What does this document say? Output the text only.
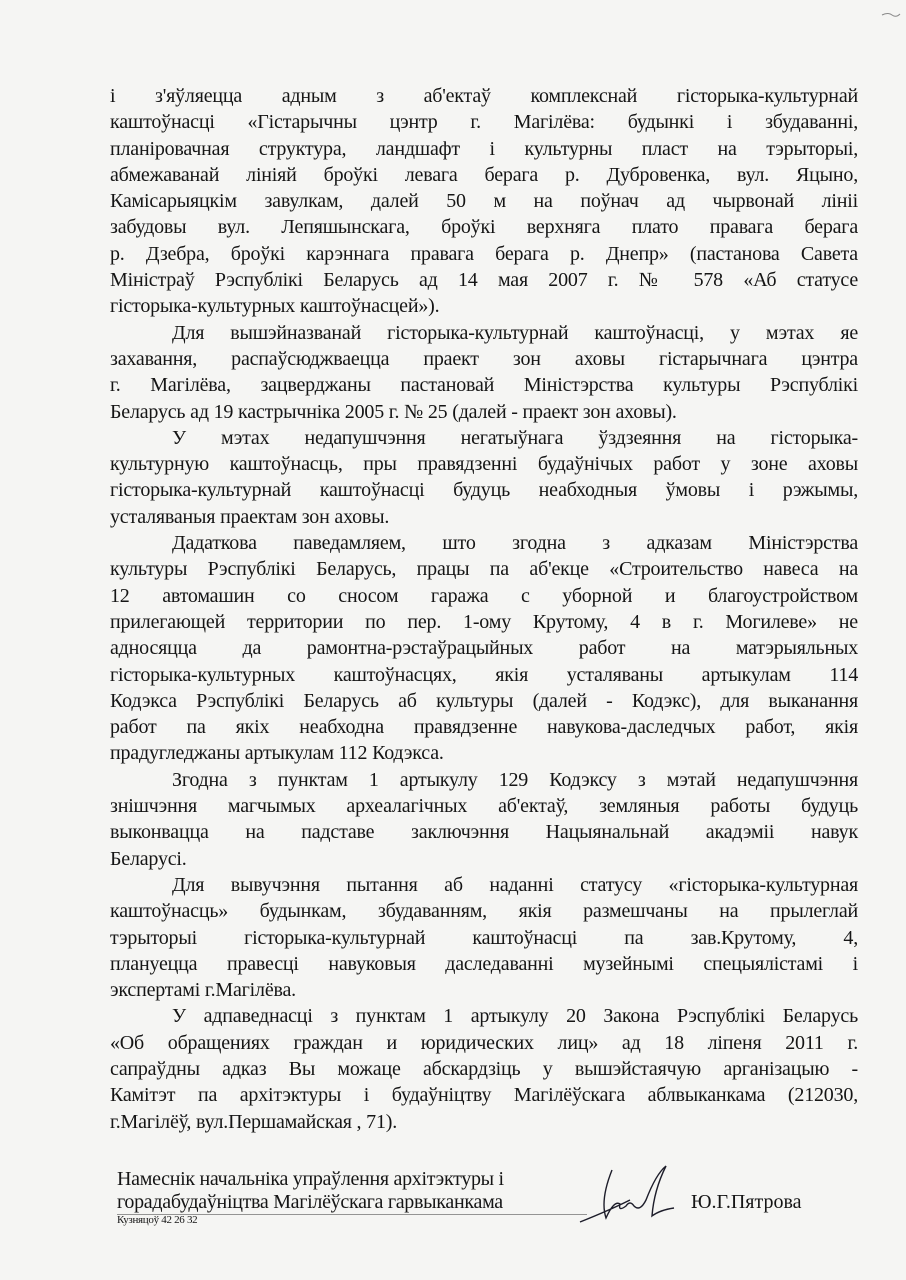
і з'яўляецца адным з аб'ектаў комплекснай гісторыка-культурнай
каштоўнасці «Гістарычны цэнтр г. Магілёва: будынкі і збудаванні,
планіровачная структура, ландшафт і культурны пласт на тэрыторыі,
абмежаванай лініяй броўкі левага берага р. Дубровенка, вул. Яцыно,
Камісарыяцкім завулкам, далей 50 м на поўнач ад чырвонай лініі
забудовы вул. Лепяшынскага, броўкі верхняга плато правага берага
р. Дзебра, броўкі карэннага правага берага р. Днепр» (пастанова Савета
Міністраў Рэспублікі Беларусь ад 14 мая 2007 г. № 578 «Аб статусе
гісторыка-культурных каштоўнасцей»).
Для вышэйназванай гісторыка-культурнай каштоўнасці, у мэтах яе
захавання, распаўсюджваецца праект зон аховы гістарычнага цэнтра
г. Магілёва, зацверджаны пастановай Міністэрства культуры Рэспублікі
Беларусь ад 19 кастрычніка 2005 г. № 25 (далей - праект зон аховы).
У мэтах недапушчэння негатыўнага ўздзеяння на гісторыка-
культурную каштоўнасць, пры правядзенні будаўнічых работ у зоне аховы
гісторыка-культурнай каштоўнасці будуць неабходныя ўмовы і рэжымы,
усталяваныя праектам зон аховы.
Дадаткова паведамляем, што згодна з адказам Міністэрства
культуры Рэспублікі Беларусь, працы па аб'екце «Строительство навеса на
12 автомашин со сносом гаража с уборной и благоустройством
прилегающей территории по пер. 1-ому Крутому, 4 в г. Могилеве» не
адносяцца да рамонтна-рэстаўрацыйных работ на матэрыяльных
гісторыка-культурных каштоўнасцях, якія усталяваны артыкулам 114
Кодэкса Рэспублікі Беларусь аб культуры (далей - Кодэкс), для выканання
работ па якіх неабходна правядзенне навукова-даследчых работ, якія
прадугледжаны артыкулам 112 Кодэкса.
Згодна з пунктам 1 артыкулу 129 Кодэксу з мэтай недапушчэння
знішчэння магчымых археалагічных аб'ектаў, земляныя работы будуць
выконвацца на падставе заключэння Нацыянальнай акадэміі навук
Беларусі.
Для вывучэння пытання аб наданні статусу «гісторыка-культурная
каштоўнасць» будынкам, збудаванням, якія размешчаны на прылеглай
тэрыторыі гісторыка-культурнай каштоўнасці па зав.Крутому, 4,
плануецца правесці навуковыя даследаванні музейнымі спецыялістамі і
экспертамі г.Магілёва.
У адпаведнасці з пунктам 1 артыкулу 20 Закона Рэспублікі Беларусь
«Об обращениях граждан и юридических лиц» ад 18 ліпеня 2011 г.
сапраўдны адказ Вы можаце абскардзіць у вышэйстаячую арганізацыю -
Камітэт па архітэктуры і будаўніцтву Магілёўскага аблвыканкама (212030,
г.Магілёў, вул.Першамайская , 71).
Намеснік начальніка упраўлення архітэктуры і
горадабудаўніцтва Магілёўскага гарвыканкама
Кузняцоў 42 26 32
Ю.Г.Пятрова
